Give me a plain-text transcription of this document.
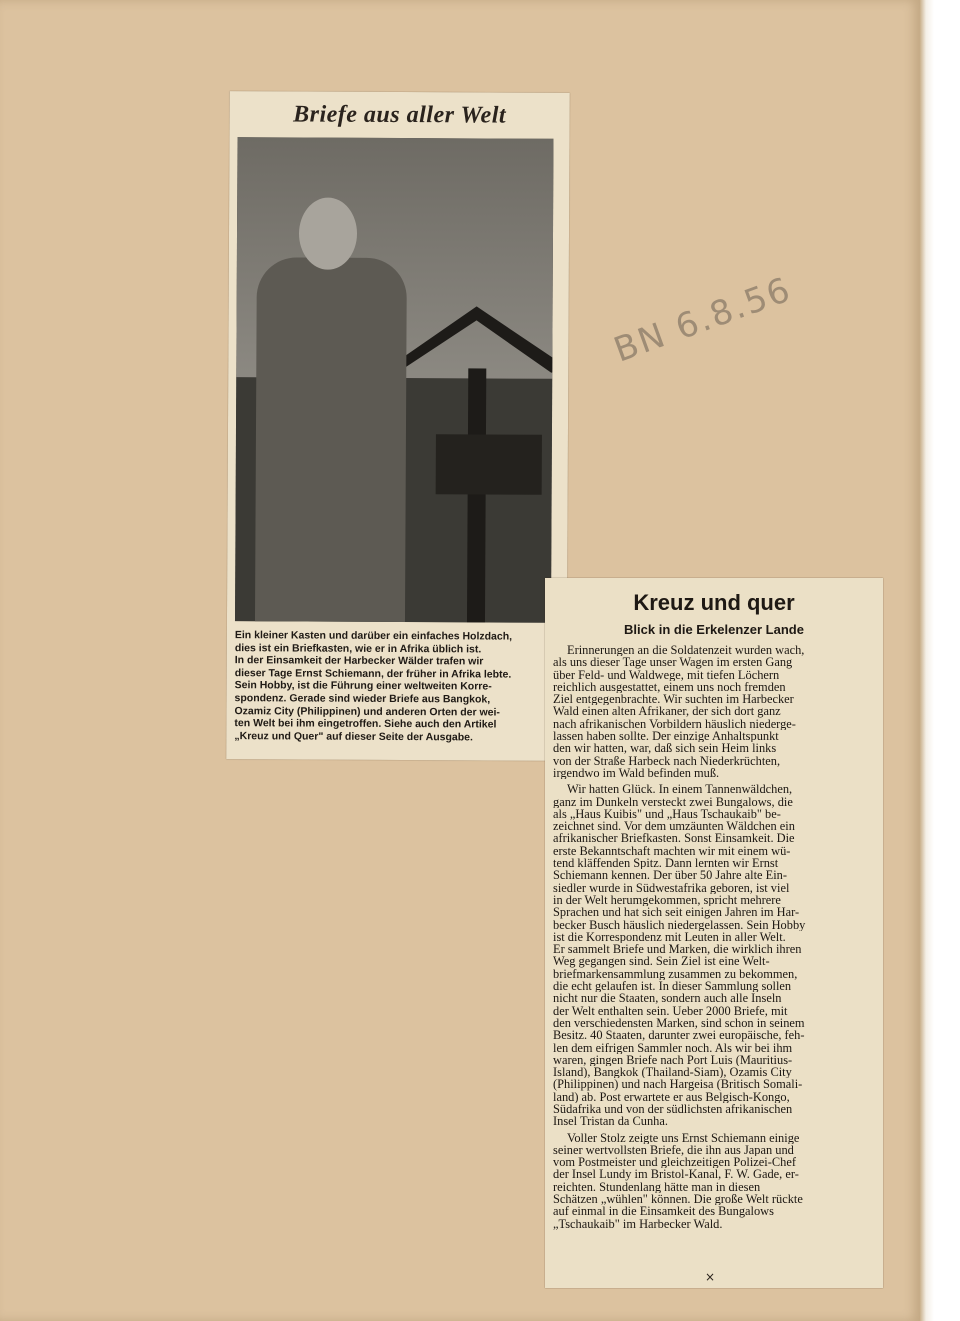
BN 6.8.56
Briefe aus aller Welt
Ein kleiner Kasten und darüber ein einfaches Holzdach,
dies ist ein Briefkasten, wie er in Afrika üblich ist.
In der Einsamkeit der Harbecker Wälder trafen wir
dieser Tage Ernst Schiemann, der früher in Afrika lebte.
Sein Hobby, ist die Führung einer weltweiten Korre-
spondenz. Gerade sind wieder Briefe aus Bangkok,
Ozamiz City (Philippinen) und anderen Orten der wei-
ten Welt bei ihm eingetroffen. Siehe auch den Artikel
„Kreuz und Quer" auf dieser Seite der Ausgabe.
Kreuz und quer
Blick in die Erkelenzer Lande
Erinnerungen an die Soldatenzeit wurden wach,
als uns dieser Tage unser Wagen im ersten Gang
über Feld- und Waldwege, mit tiefen Löchern
reichlich ausgestattet, einem uns noch fremden
Ziel entgegenbrachte. Wir suchten im Harbecker
Wald einen alten Afrikaner, der sich dort ganz
nach afrikanischen Vorbildern häuslich niederge-
lassen haben sollte. Der einzige Anhaltspunkt
den wir hatten, war, daß sich sein Heim links
von der Straße Harbeck nach Niederkrüchten,
irgendwo im Wald befinden muß.
Wir hatten Glück. In einem Tannenwäldchen,
ganz im Dunkeln versteckt zwei Bungalows, die
als „Haus Kuibis" und „Haus Tschaukaib" be-
zeichnet sind. Vor dem umzäunten Wäldchen ein
afrikanischer Briefkasten. Sonst Einsamkeit. Die
erste Bekanntschaft machten wir mit einem wü-
tend kläffenden Spitz. Dann lernten wir Ernst
Schiemann kennen. Der über 50 Jahre alte Ein-
siedler wurde in Südwestafrika geboren, ist viel
in der Welt herumgekommen, spricht mehrere
Sprachen und hat sich seit einigen Jahren im Har-
becker Busch häuslich niedergelassen. Sein Hobby
ist die Korrespondenz mit Leuten in aller Welt.
Er sammelt Briefe und Marken, die wirklich ihren
Weg gegangen sind. Sein Ziel ist eine Welt-
briefmarkensammlung zusammen zu bekommen,
die echt gelaufen ist. In dieser Sammlung sollen
nicht nur die Staaten, sondern auch alle Inseln
der Welt enthalten sein. Ueber 2000 Briefe, mit
den verschiedensten Marken, sind schon in seinem
Besitz. 40 Staaten, darunter zwei europäische, feh-
len dem eifrigen Sammler noch. Als wir bei ihm
waren, gingen Briefe nach Port Luis (Mauritius-
Island), Bangkok (Thailand-Siam), Ozamis City
(Philippinen) und nach Hargeisa (Britisch Somali-
land) ab. Post erwartete er aus Belgisch-Kongo,
Südafrika und von der südlichsten afrikanischen
Insel Tristan da Cunha.
Voller Stolz zeigte uns Ernst Schiemann einige
seiner wertvollsten Briefe, die ihn aus Japan und
vom Postmeister und gleichzeitigen Polizei-Chef
der Insel Lundy im Bristol-Kanal, F. W. Gade, er-
reichten. Stundenlang hätte man in diesen
Schätzen „wühlen" können. Die große Welt rückte
auf einmal in die Einsamkeit des Bungalows
„Tschaukaib" im Harbecker Wald.
×
